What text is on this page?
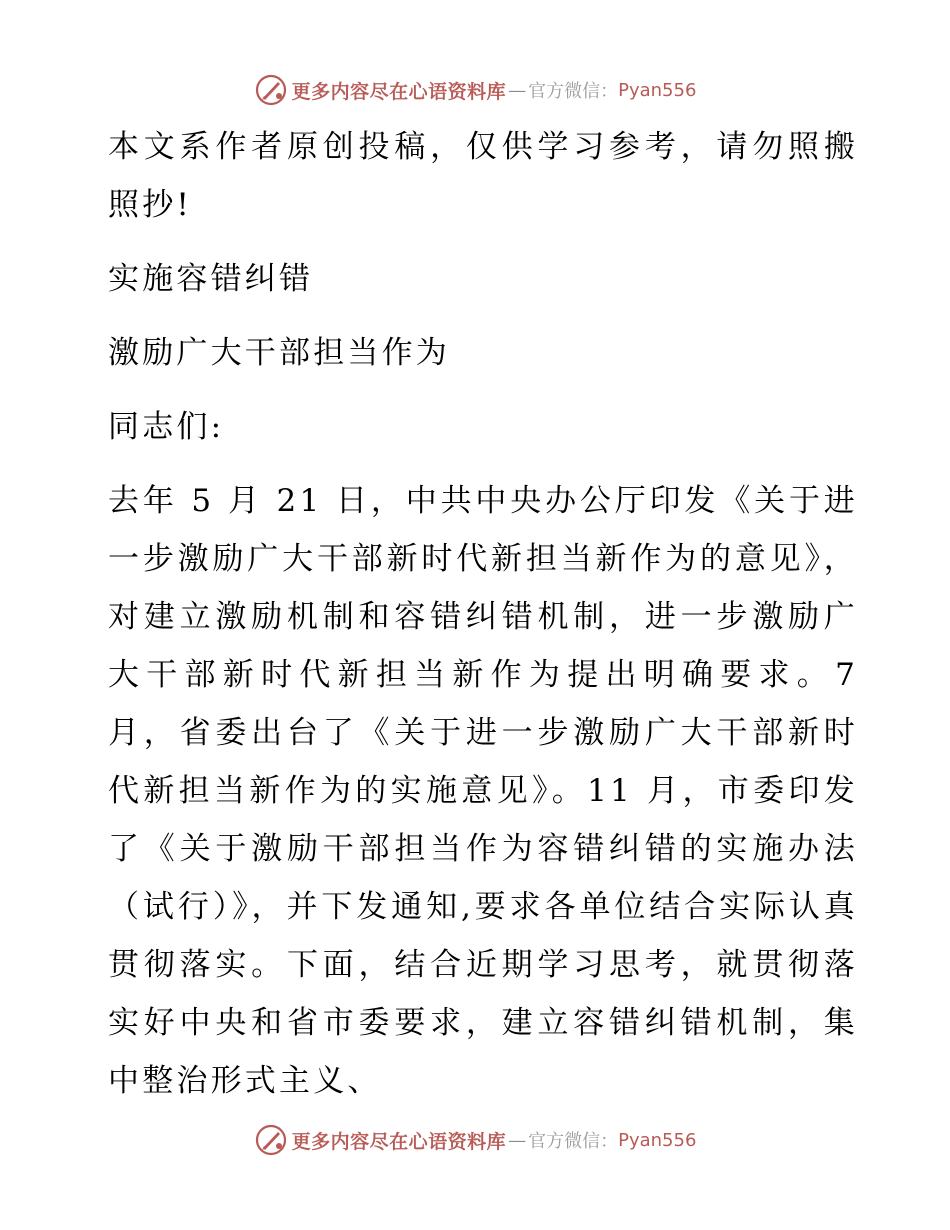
更多内容尽在心语资料库 — 官方微信： Pyan556

本文系作者原创投稿，仅供学习参考，请勿照搬照抄!

实施容错纠错

激励广大干部担当作为

同志们:

去年 5 月 21 日，中共中央办公厅印发《关于进一步激励广大干部新时代新担当新作为的意见》，对建立激励机制和容错纠错机制，进一步激励广大干部新时代新担当新作为提出明确要求。7 月，省委出台了《关于进一步激励广大干部新时代新担当新作为的实施意见》。11 月，市委印发了《关于激励干部担当作为容错纠错的实施办法（试行）》，并下发通知,要求各单位结合实际认真贯彻落实。下面，结合近期学习思考，就贯彻落实好中央和省市委要求，建立容错纠错机制，集中整治形式主义、

更多内容尽在心语资料库 — 官方微信： Pyan556
